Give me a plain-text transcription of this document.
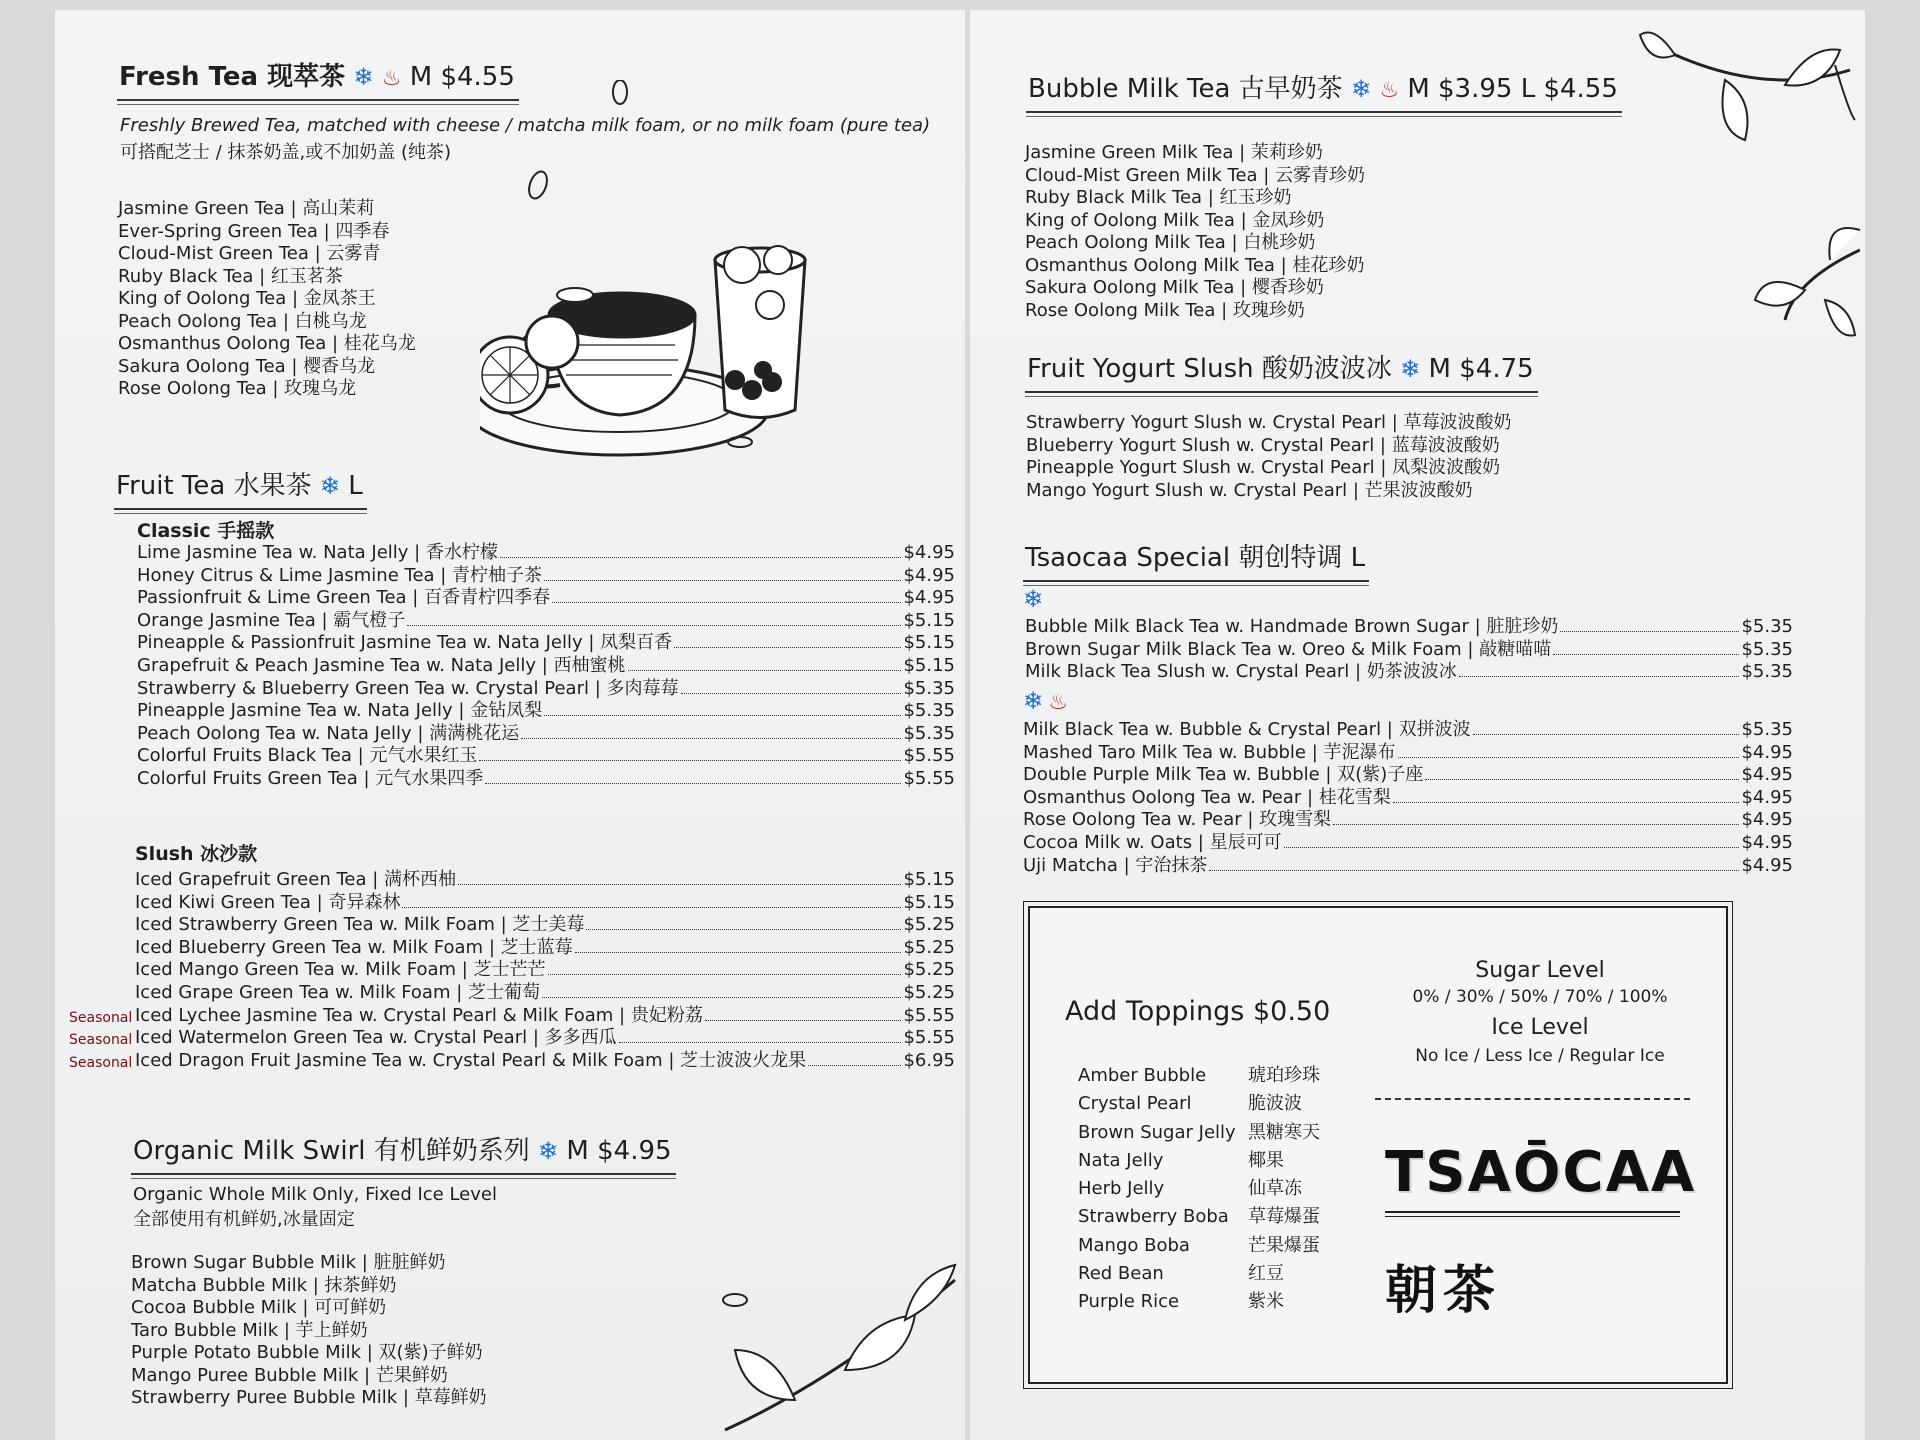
Fresh Tea 现萃茶 ❄ ♨ M $4.55
Freshly Brewed Tea, matched with cheese / matcha milk foam, or no milk foam (pure tea)
可搭配芝士 / 抹茶奶盖,或不加奶盖 (纯茶)
Jasmine Green Tea | 高山茉莉
Ever-Spring Green Tea | 四季春
Cloud-Mist Green Tea | 云雾青
Ruby Black Tea | 红玉茗茶
King of Oolong Tea | 金凤茶王
Peach Oolong Tea | 白桃乌龙
Osmanthus Oolong Tea | 桂花乌龙
Sakura Oolong Tea | 樱香乌龙
Rose Oolong Tea | 玫瑰乌龙
Fruit Tea 水果茶 ❄ L
Classic 手摇款
Lime Jasmine Tea w. Nata Jelly | 香水柠檬	$4.95
Honey Citrus & Lime Jasmine Tea | 青柠柚子茶	$4.95
Passionfruit & Lime Green Tea | 百香青柠四季春	$4.95
Orange Jasmine Tea | 霸气橙子	$5.15
Pineapple & Passionfruit Jasmine Tea w. Nata Jelly | 凤梨百香	$5.15
Grapefruit & Peach Jasmine Tea w. Nata Jelly | 西柚蜜桃	$5.15
Strawberry & Blueberry Green Tea w. Crystal Pearl | 多肉莓莓	$5.35
Pineapple Jasmine Tea w. Nata Jelly | 金钻凤梨	$5.35
Peach Oolong Tea w. Nata Jelly | 满满桃花运	$5.35
Colorful Fruits Black Tea | 元气水果红玉	$5.55
Colorful Fruits Green Tea | 元气水果四季	$5.55
Slush 冰沙款
Iced Grapefruit Green Tea | 满杯西柚	$5.15
Iced Kiwi Green Tea | 奇异森林	$5.15
Iced Strawberry Green Tea w. Milk Foam | 芝士美莓	$5.25
Iced Blueberry Green Tea w. Milk Foam | 芝士蓝莓	$5.25
Iced Mango Green Tea w. Milk Foam | 芝士芒芒	$5.25
Iced Grape Green Tea w. Milk Foam | 芝士葡萄	$5.25
Seasonal Iced Lychee Jasmine Tea w. Crystal Pearl & Milk Foam | 贵妃粉荔	$5.55
Seasonal Iced Watermelon Green Tea w. Crystal Pearl | 多多西瓜	$5.55
Seasonal Iced Dragon Fruit Jasmine Tea w. Crystal Pearl & Milk Foam | 芝士波波火龙果	$6.95
Organic Milk Swirl 有机鲜奶系列 ❄ M $4.95
Organic Whole Milk Only, Fixed Ice Level
全部使用有机鲜奶,冰量固定
Brown Sugar Bubble Milk | 脏脏鲜奶
Matcha Bubble Milk | 抹茶鲜奶
Cocoa Bubble Milk | 可可鲜奶
Taro Bubble Milk | 芋上鲜奶
Purple Potato Bubble Milk | 双(紫)子鲜奶
Mango Puree Bubble Milk | 芒果鲜奶
Strawberry Puree Bubble Milk | 草莓鲜奶
Bubble Milk Tea 古早奶茶 ❄ ♨ M $3.95 L $4.55
Jasmine Green Milk Tea | 茉莉珍奶
Cloud-Mist Green Milk Tea | 云雾青珍奶
Ruby Black Milk Tea | 红玉珍奶
King of Oolong Milk Tea | 金凤珍奶
Peach Oolong Milk Tea | 白桃珍奶
Osmanthus Oolong Milk Tea | 桂花珍奶
Sakura Oolong Milk Tea | 樱香珍奶
Rose Oolong Milk Tea | 玫瑰珍奶
Fruit Yogurt Slush 酸奶波波冰 ❄ M $4.75
Strawberry Yogurt Slush w. Crystal Pearl | 草莓波波酸奶
Blueberry Yogurt Slush w. Crystal Pearl | 蓝莓波波酸奶
Pineapple Yogurt Slush w. Crystal Pearl | 凤梨波波酸奶
Mango Yogurt Slush w. Crystal Pearl | 芒果波波酸奶
Tsaocaa Special 朝创特调 L
❄
Bubble Milk Black Tea w. Handmade Brown Sugar | 脏脏珍奶	$5.35
Brown Sugar Milk Black Tea w. Oreo & Milk Foam | 敲糖喵喵	$5.35
Milk Black Tea Slush w. Crystal Pearl | 奶茶波波冰	$5.35
❄ ♨
Milk Black Tea w. Bubble & Crystal Pearl | 双拼波波	$5.35
Mashed Taro Milk Tea w. Bubble | 芋泥瀑布	$4.95
Double Purple Milk Tea w. Bubble | 双(紫)子座	$4.95
Osmanthus Oolong Tea w. Pear | 桂花雪梨	$4.95
Rose Oolong Tea w. Pear | 玫瑰雪梨	$4.95
Cocoa Milk w. Oats | 星辰可可	$4.95
Uji Matcha | 宇治抹茶	$4.95
Add Toppings $0.50
Amber Bubble	琥珀珍珠
Crystal Pearl	脆波波
Brown Sugar Jelly 黑糖寒天
Nata Jelly	椰果
Herb Jelly	仙草冻
Strawberry Boba	草莓爆蛋
Mango Boba	芒果爆蛋
Red Bean	红豆
Purple Rice	紫米
Sugar Level
0% / 30% / 50% / 70% / 100%
Ice Level
No Ice / Less Ice / Regular Ice
TSAŌCAA
朝茶
